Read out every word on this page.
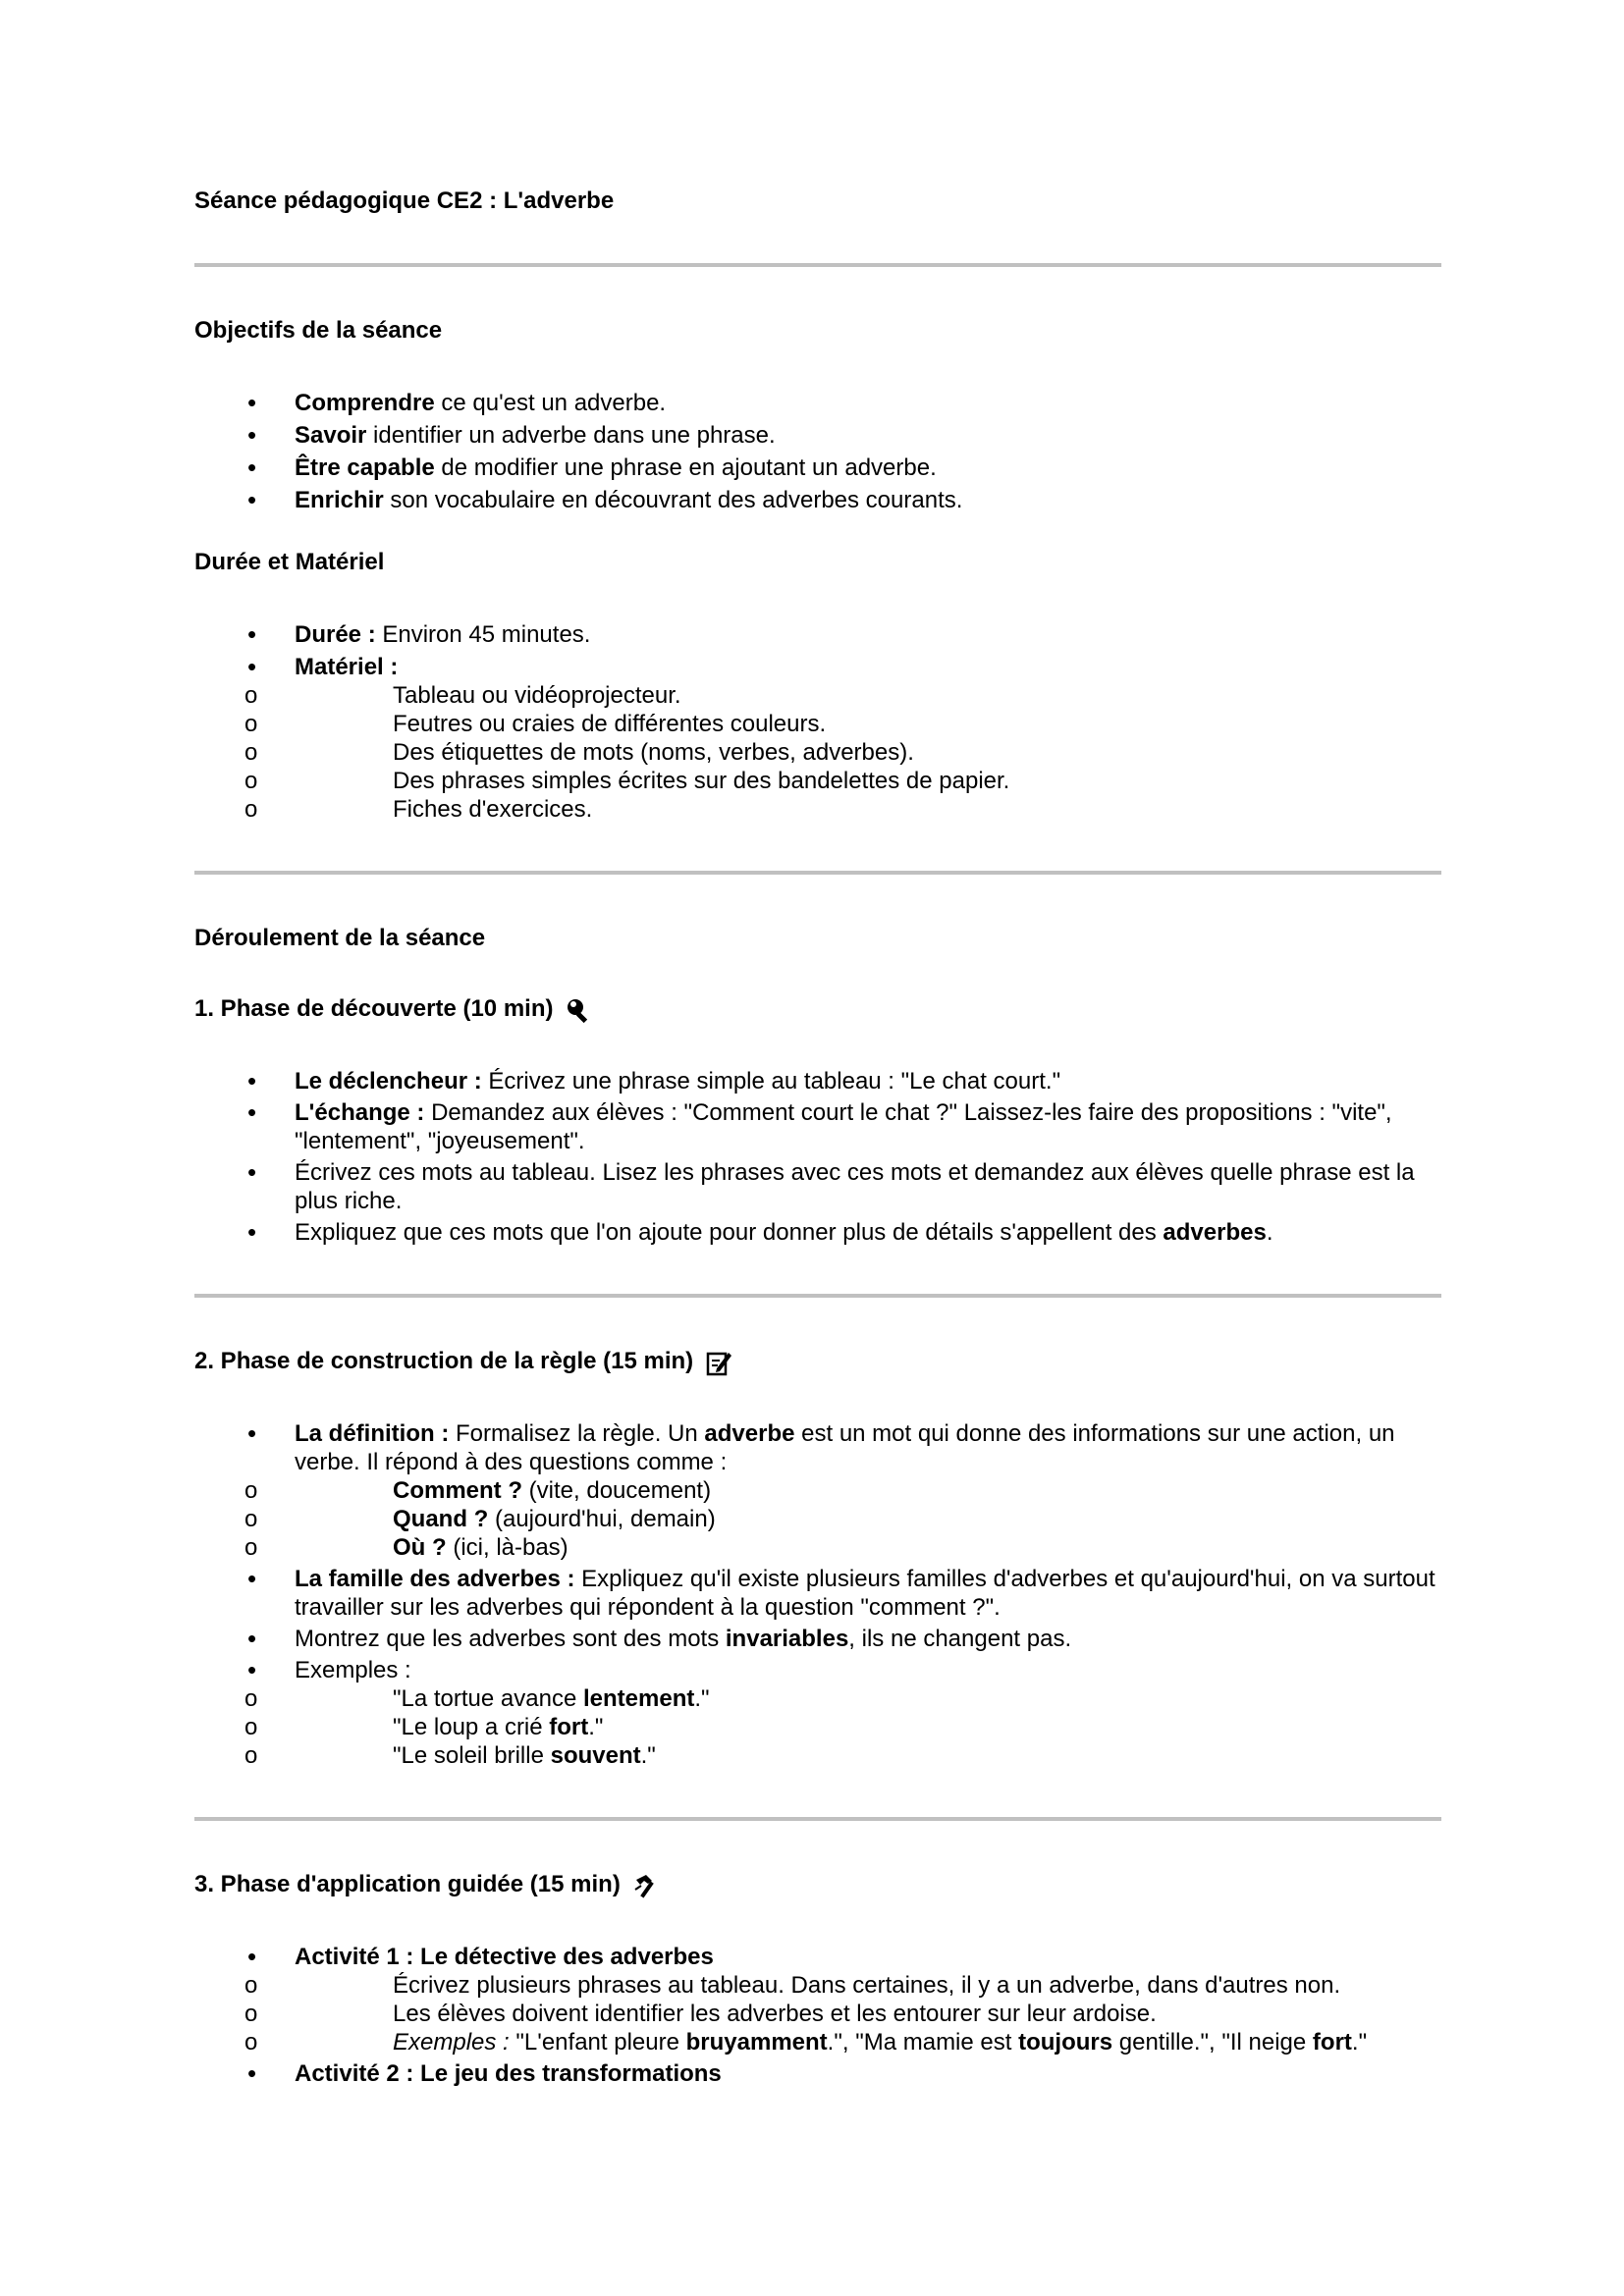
Séance pédagogique CE2 : L'adverbe
Objectifs de la séance
• Comprendre ce qu'est un adverbe.
• Savoir identifier un adverbe dans une phrase.
• Être capable de modifier une phrase en ajoutant un adverbe.
• Enrichir son vocabulaire en découvrant des adverbes courants.
Durée et Matériel
• Durée : Environ 45 minutes.
• Matériel :
o Tableau ou vidéoprojecteur.
o Feutres ou craies de différentes couleurs.
o Des étiquettes de mots (noms, verbes, adverbes).
o Des phrases simples écrites sur des bandelettes de papier.
o Fiches d'exercices.
Déroulement de la séance
1. Phase de découverte (10 min)
• Le déclencheur : Écrivez une phrase simple au tableau : "Le chat court."
• L'échange : Demandez aux élèves : "Comment court le chat ?" Laissez-les faire des propositions : "vite", "lentement", "joyeusement".
• Écrivez ces mots au tableau. Lisez les phrases avec ces mots et demandez aux élèves quelle phrase est la plus riche.
• Expliquez que ces mots que l'on ajoute pour donner plus de détails s'appellent des adverbes.
2. Phase de construction de la règle (15 min)
• La définition : Formalisez la règle. Un adverbe est un mot qui donne des informations sur une action, un verbe. Il répond à des questions comme :
o Comment ? (vite, doucement)
o Quand ? (aujourd'hui, demain)
o Où ? (ici, là-bas)
• La famille des adverbes : Expliquez qu'il existe plusieurs familles d'adverbes et qu'aujourd'hui, on va surtout travailler sur les adverbes qui répondent à la question "comment ?".
• Montrez que les adverbes sont des mots invariables, ils ne changent pas.
• Exemples :
o "La tortue avance lentement."
o "Le loup a crié fort."
o "Le soleil brille souvent."
3. Phase d'application guidée (15 min)
• Activité 1 : Le détective des adverbes
o Écrivez plusieurs phrases au tableau. Dans certaines, il y a un adverbe, dans d'autres non.
o Les élèves doivent identifier les adverbes et les entourer sur leur ardoise.
o Exemples : "L'enfant pleure bruyamment.", "Ma mamie est toujours gentille.", "Il neige fort."
• Activité 2 : Le jeu des transformations
